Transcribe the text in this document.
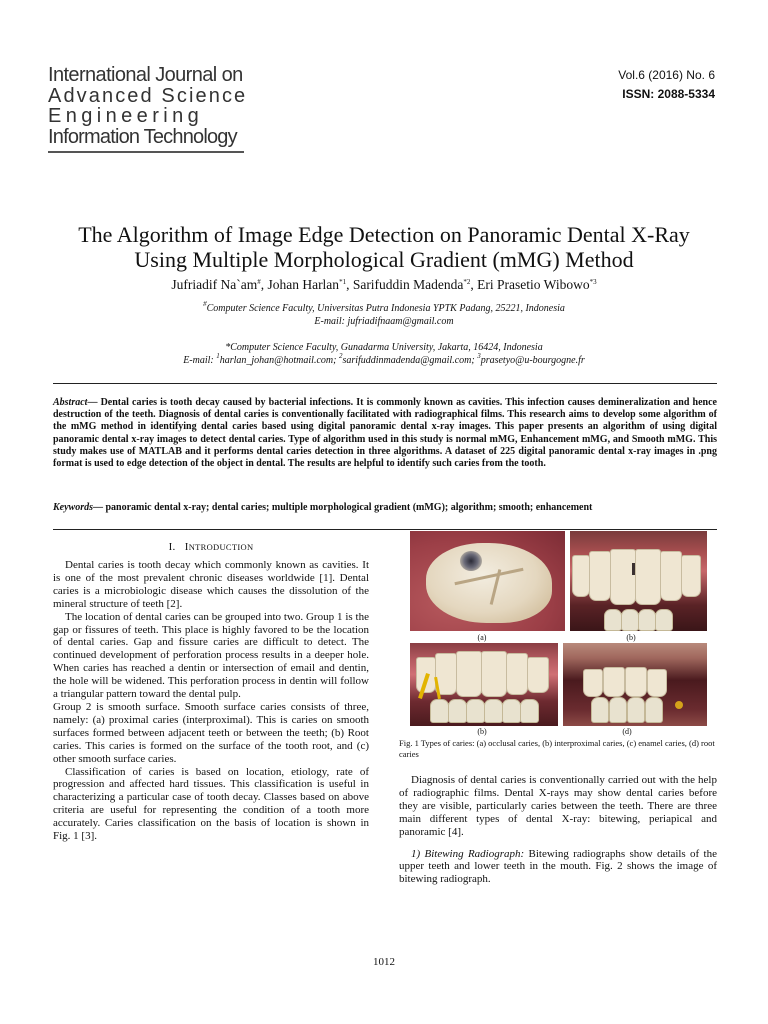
International Journal on
Advanced Science
Engineering
Information Technology
Vol.6 (2016) No. 6
ISSN: 2088-5334
The Algorithm of Image Edge Detection on Panoramic Dental X-Ray
Using Multiple Morphological Gradient (mMG) Method
Jufriadif Na`am#, Johan Harlan$^{*1}$, Sarifuddin Madenda$^{*2}$, Eri Prasetio Wibowo$^{*3}$
#Computer Science Faculty, Universitas Putra Indonesia YPTK Padang, 25221, Indonesia
E-mail: jufriadifnaam@gmail.com
*Computer Science Faculty, Gunadarma University, Jakarta, 16424, Indonesia
E-mail: $^1$harlan_johan@hotmail.com; $^2$sarifuddinmadenda@gmail.com; $^3$prasetyo@u-bourgogne.fr
Abstract— Dental caries is tooth decay caused by bacterial infections. It is commonly known as cavities. This infection causes demineralization and hence destruction of the teeth. Diagnosis of dental caries is conventionally facilitated with radiographical films. This research aims to develop some algorithm of the mMG method in identifying dental caries based using digital panoramic dental x-ray images. This paper presents an algorithm of using digital panoramic dental x-ray images to detect dental caries. Type of algorithm used in this study is normal mMG, Enhancement mMG, and Smooth mMG. This study makes use of MATLAB and it performs dental caries detection in three algorithms. A dataset of 225 digital panoramic dental x-ray images in .png format is used to edge detection of the object in dental. The results are helpful to identify such caries from the tooth.
Keywords— panoramic dental x-ray; dental caries; multiple morphological gradient (mMG); algorithm; smooth; enhancement
I. INTRODUCTION

Dental caries is tooth decay which commonly known as cavities. It is one of the most prevalent chronic diseases worldwide [1]. Dental caries is a microbiologic disease which causes the dissolution of the mineral structure of teeth [2].

The location of dental caries can be grouped into two. Group 1 is the gap or fissures of teeth. This place is highly favored to be the location of dental caries. Gap and fissure caries are difficult to detect. The continued development of perforation process results in a deeper hole. When caries has reached a dentin or intersection of email and dentin, the hole will be widened. This perforation process in dentin will follow a triangular pattern toward the dental pulp.

Group 2 is smooth surface. Smooth surface caries consists of three, namely: (a) proximal caries (interproximal). This is caries on smooth surfaces formed between adjacent teeth or between the teeth; (b) Root caries. This caries is formed on the surface of the tooth root, and (c) other smooth surface caries.

Classification of caries is based on location, etiology, rate of progression and affected hard tissues. This classification is useful in characterizing a particular case of tooth decay. Classes based on above criteria are useful for representing the condition of a tooth more accurately. Caries classification on the basis of location is shown in Fig. 1 [3].

(a)	(b)
(b)	(d)
Fig. 1 Types of caries: (a) occlusal caries, (b) interproximal caries, (c) enamel caries, (d) root caries

Diagnosis of dental caries is conventionally carried out with the help of radiographic films. Dental X-rays may show dental caries before they are visible, particularly caries between the teeth. There are three main different types of dental X-ray: bitewing, periapical and panoramic [4].

1) Bitewing Radiograph: Bitewing radiographs show details of the upper teeth and lower teeth in the mouth. Fig. 2 shows the image of bitewing radiograph.

1012
